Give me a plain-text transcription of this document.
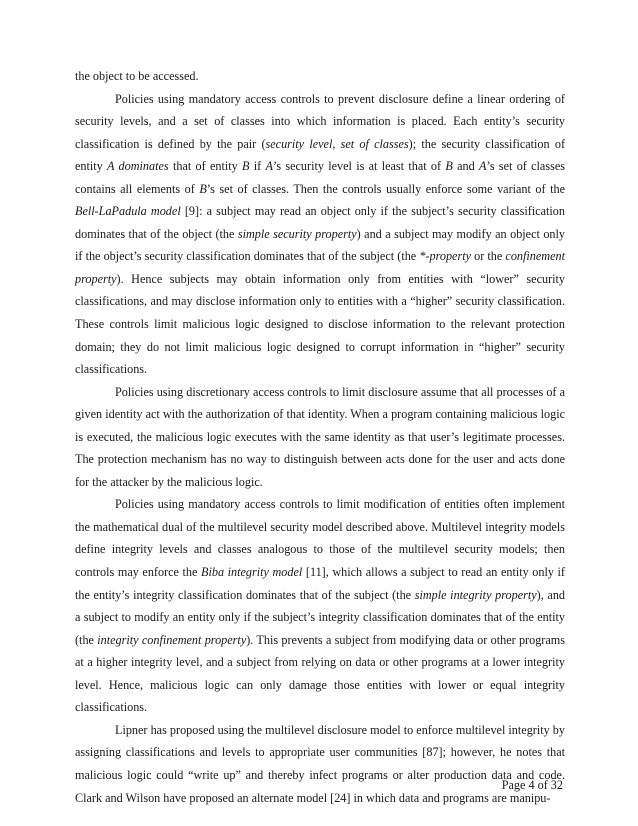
the object to be accessed.

Policies using mandatory access controls to prevent disclosure define a linear ordering of security levels, and a set of classes into which information is placed. Each entity’s security classification is defined by the pair (security level, set of classes); the security classification of entity A dominates that of entity B if A’s security level is at least that of B and A’s set of classes contains all elements of B’s set of classes. Then the controls usually enforce some variant of the Bell-LaPadula model [9]: a subject may read an object only if the subject’s security classification dominates that of the object (the simple security property) and a subject may modify an object only if the object’s security classification dominates that of the subject (the *-property or the confinement property). Hence subjects may obtain information only from entities with “lower” security classifications, and may disclose information only to entities with a “higher” security classification. These controls limit malicious logic designed to disclose information to the relevant protection domain; they do not limit malicious logic designed to corrupt information in “higher” security classifications.

Policies using discretionary access controls to limit disclosure assume that all processes of a given identity act with the authorization of that identity. When a program containing malicious logic is executed, the malicious logic executes with the same identity as that user’s legitimate processes. The protection mechanism has no way to distinguish between acts done for the user and acts done for the attacker by the malicious logic.

Policies using mandatory access controls to limit modification of entities often implement the mathematical dual of the multilevel security model described above. Multilevel integrity models define integrity levels and classes analogous to those of the multilevel security models; then controls may enforce the Biba integrity model [11], which allows a subject to read an entity only if the entity’s integrity classification dominates that of the subject (the simple integrity property), and a subject to modify an entity only if the subject’s integrity classification dominates that of the entity (the integrity confinement property). This prevents a subject from modifying data or other programs at a higher integrity level, and a subject from relying on data or other programs at a lower integrity level. Hence, malicious logic can only damage those entities with lower or equal integrity classifications.

Lipner has proposed using the multilevel disclosure model to enforce multilevel integrity by assigning classifications and levels to appropriate user communities [87]; however, he notes that malicious logic could “write up” and thereby infect programs or alter production data and code. Clark and Wilson have proposed an alternate model [24] in which data and programs are manipu-

Page 4 of 32
